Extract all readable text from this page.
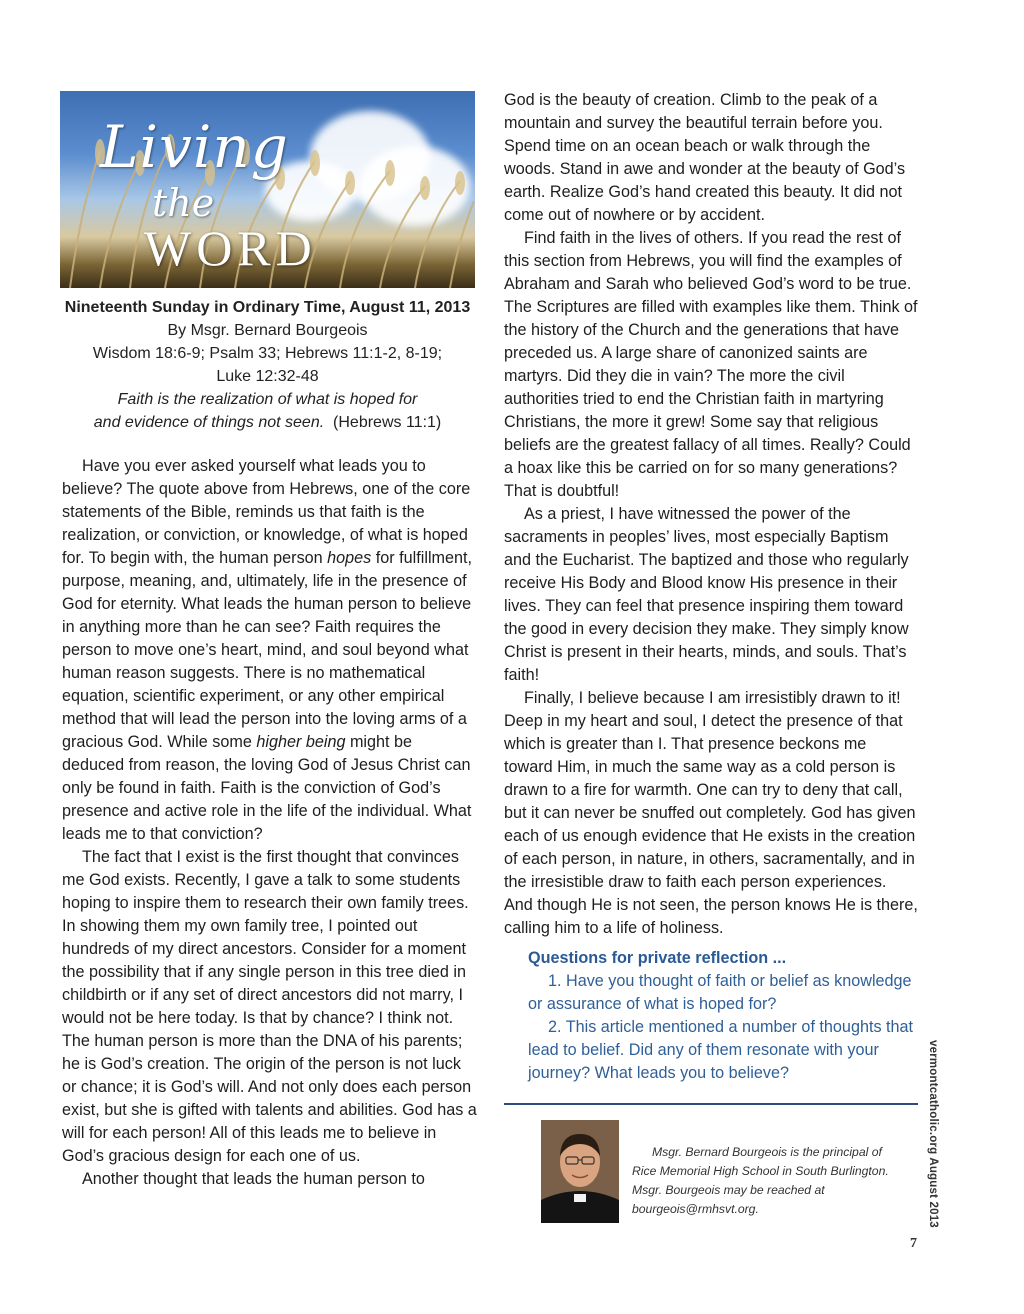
Living
the
WORD
Nineteenth Sunday in Ordinary Time, August 11, 2013
By Msgr. Bernard Bourgeois
Wisdom 18:6-9; Psalm 33; Hebrews 11:1-2, 8-19;
Luke 12:32-48
Faith is the realization of what is hoped for
and evidence of things not seen. (Hebrews 11:1)

Have you ever asked yourself what leads you to believe? The quote above from Hebrews, one of the core statements of the Bible, reminds us that faith is the realization, or conviction, or knowledge, of what is hoped for. To begin with, the human person hopes for fulfillment, purpose, meaning, and, ultimately, life in the presence of God for eternity. What leads the human person to believe in anything more than he can see? Faith requires the person to move one’s heart, mind, and soul beyond what human reason suggests. There is no mathematical equation, scientific experiment, or any other empirical method that will lead the person into the loving arms of a gracious God. While some higher being might be deduced from reason, the loving God of Jesus Christ can only be found in faith. Faith is the conviction of God’s presence and active role in the life of the individual. What leads me to that conviction?

The fact that I exist is the first thought that convinces me God exists. Recently, I gave a talk to some students hoping to inspire them to research their own family trees. In showing them my own family tree, I pointed out hundreds of my direct ancestors. Consider for a moment the possibility that if any single person in this tree died in childbirth or if any set of direct ancestors did not marry, I would not be here today. Is that by chance? I think not. The human person is more than the DNA of his parents; he is God’s creation. The origin of the person is not luck or chance; it is God’s will. And not only does each person exist, but she is gifted with talents and abilities. God has a will for each person! All of this leads me to believe in God’s gracious design for each one of us.

Another thought that leads the human person to

God is the beauty of creation. Climb to the peak of a mountain and survey the beautiful terrain before you. Spend time on an ocean beach or walk through the woods. Stand in awe and wonder at the beauty of God’s earth. Realize God’s hand created this beauty. It did not come out of nowhere or by accident.

Find faith in the lives of others. If you read the rest of this section from Hebrews, you will find the examples of Abraham and Sarah who believed God’s word to be true. The Scriptures are filled with examples like them. Think of the history of the Church and the generations that have preceded us. A large share of canonized saints are martyrs. Did they die in vain? The more the civil authorities tried to end the Christian faith in martyring Christians, the more it grew! Some say that religious beliefs are the greatest fallacy of all times. Really? Could a hoax like this be carried on for so many generations? That is doubtful!

As a priest, I have witnessed the power of the sacraments in peoples’ lives, most especially Baptism and the Eucharist. The baptized and those who regularly receive His Body and Blood know His presence in their lives. They can feel that presence inspiring them toward the good in every decision they make. They simply know Christ is present in their hearts, minds, and souls. That’s faith!

Finally, I believe because I am irresistibly drawn to it! Deep in my heart and soul, I detect the presence of that which is greater than I. That presence beckons me toward Him, in much the same way as a cold person is drawn to a fire for warmth. One can try to deny that call, but it can never be snuffed out completely. God has given each of us enough evidence that He exists in the creation of each person, in nature, in others, sacramentally, and in the irresistible draw to faith each person experiences. And though He is not seen, the person knows He is there, calling him to a life of holiness.

Questions for private reflection ...

1. Have you thought of faith or belief as knowledge or assurance of what is hoped for?

2. This article mentioned a number of thoughts that lead to belief. Did any of them resonate with your journey? What leads you to believe?

Msgr. Bernard Bourgeois is the principal of Rice Memorial High School in South Burlington. Msgr. Bourgeois may be reached at bourgeois@rmhsvt.org.	vermontcatholic.org August 2013
7
